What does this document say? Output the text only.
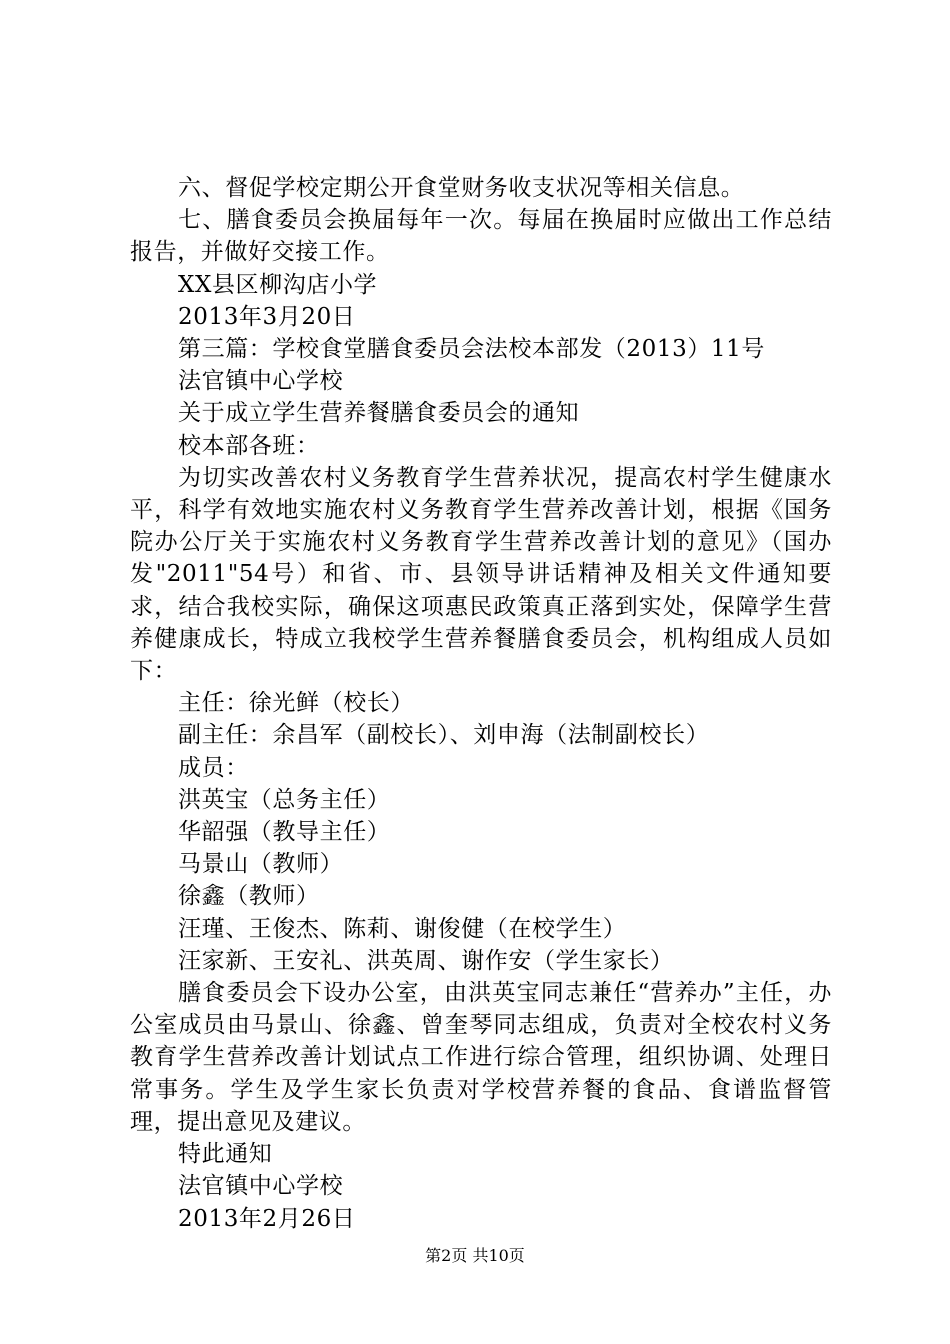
六、督促学校定期公开食堂财务收支状况等相关信息。

七、膳食委员会换届每年一次。每届在换届时应做出工作总结报告，并做好交接工作。

XX县区柳沟店小学

2013年3月20日

第三篇：学校食堂膳食委员会法校本部发（2013）11号

法官镇中心学校

关于成立学生营养餐膳食委员会的通知

校本部各班：

为切实改善农村义务教育学生营养状况，提高农村学生健康水平，科学有效地实施农村义务教育学生营养改善计划，根据《国务院办公厅关于实施农村义务教育学生营养改善计划的意见》（国办发"2011"54号）和省、市、县领导讲话精神及相关文件通知要求，结合我校实际，确保这项惠民政策真正落到实处，保障学生营养健康成长，特成立我校学生营养餐膳食委员会，机构组成人员如下：

主任：徐光鲜（校长）

副主任：余昌军（副校长）、刘申海（法制副校长）

成员：

洪英宝（总务主任）

华韶强（教导主任）

马景山（教师）

徐鑫（教师）

汪瑾、王俊杰、陈莉、谢俊健（在校学生）

汪家新、王安礼、洪英周、谢作安（学生家长）

膳食委员会下设办公室，由洪英宝同志兼任“营养办”主任，办公室成员由马景山、徐鑫、曾奎琴同志组成，负责对全校农村义务教育学生营养改善计划试点工作进行综合管理，组织协调、处理日常事务。学生及学生家长负责对学校营养餐的食品、食谱监督管理，提出意见及建议。

特此通知

法官镇中心学校

2013年2月26日

第2页 共10页
